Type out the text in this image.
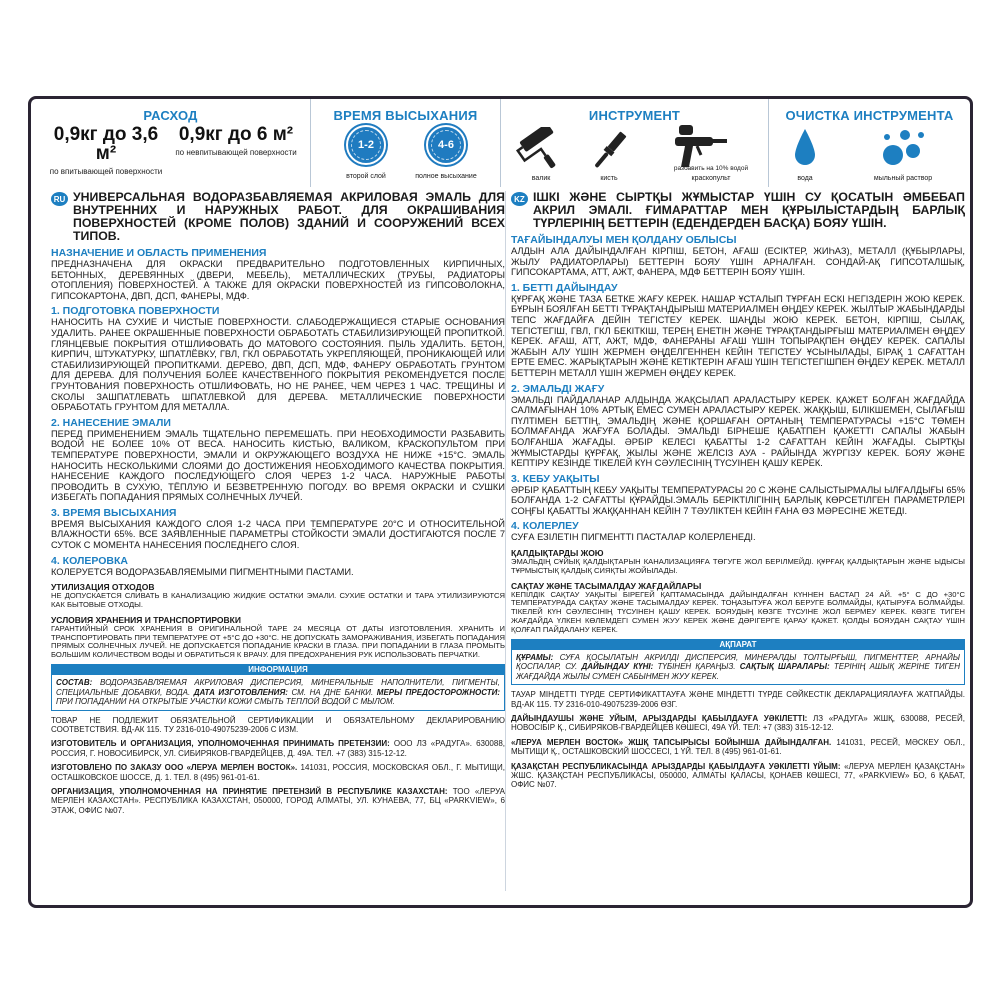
РАСХОД
0,9кг до 3,6 м²
по впитывающей поверхности
0,9кг до 6 м²
по невпитывающей поверхности
ВРЕМЯ ВЫСЫХАНИЯ
1-2	4-6
второй слой	полное высыхание
ИНСТРУМЕНТ
валик	кисть
разбавить на 10% водой
краскопульт
ОЧИСТКА ИНСТРУМЕНТА
вода	мыльный раствор
RU УНИВЕРСАЛЬНАЯ ВОДОРАЗБАВЛЯЕМАЯ АКРИЛОВАЯ ЭМАЛЬ ДЛЯ ВНУТРЕННИХ И НАРУЖНЫХ РАБОТ. ДЛЯ ОКРАШИВАНИЯ ПОВЕРХНОСТЕЙ (КРОМЕ ПОЛОВ) ЗДАНИЙ И СООРУЖЕНИЙ ВСЕХ ТИПОВ.
НАЗНАЧЕНИЕ И ОБЛАСТЬ ПРИМЕНЕНИЯ
ПРЕДНАЗНАЧЕНА ДЛЯ ОКРАСКИ ПРЕДВАРИТЕЛЬНО ПОДГОТОВЛЕННЫХ КИРПИЧНЫХ, БЕТОННЫХ, ДЕРЕВЯННЫХ (ДВЕРИ, МЕБЕЛЬ), МЕТАЛЛИЧЕСКИХ (ТРУБЫ, РАДИАТОРЫ ОТОПЛЕНИЯ) ПОВЕРХНОСТЕЙ. А ТАКЖЕ ДЛЯ ОКРАСКИ ПОВЕРХНОСТЕЙ ИЗ ГИПСОВОЛОКНА, ГИПСОКАРТОНА, ДВП, ДСП, ФАНЕРЫ, МДФ.
1. ПОДГОТОВКА ПОВЕРХНОСТИ
НАНОСИТЬ НА СУХИЕ И ЧИСТЫЕ ПОВЕРХНОСТИ. СЛАБОДЕРЖАЩИЕСЯ СТАРЫЕ ОСНОВАНИЯ УДАЛИТЬ. РАНЕЕ ОКРАШЕННЫЕ ПОВЕРХНОСТИ ОБРАБОТАТЬ СТАБИЛИЗИРУЮЩЕЙ ПРОПИТКОЙ. ГЛЯНЦЕВЫЕ ПОКРЫТИЯ ОТШЛИФОВАТЬ ДО МАТОВОГО СОСТОЯНИЯ. ПЫЛЬ УДАЛИТЬ. БЕТОН, КИРПИЧ, ШТУКАТУРКУ, ШПАТЛЁВКУ, ГВЛ, ГКЛ ОБРАБОТАТЬ УКРЕПЛЯЮЩЕЙ, ПРОНИКАЮЩЕЙ ИЛИ СТАБИЛИЗИРУЮЩЕЙ ПРОПИТКАМИ. ДЕРЕВО, ДВП, ДСП, МДФ, ФАНЕРУ ОБРАБОТАТЬ ГРУНТОМ ДЛЯ ДЕРЕВА. ДЛЯ ПОЛУЧЕНИЯ БОЛЕЕ КАЧЕСТВЕННОГО ПОКРЫТИЯ РЕКОМЕНДУЕТСЯ ПОСЛЕ ГРУНТОВАНИЯ ПОВЕРХНОСТЬ ОТШЛИФОВАТЬ, НО НЕ РАНЕЕ, ЧЕМ ЧЕРЕЗ 1 ЧАС. ТРЕЩИНЫ И СКОЛЫ ЗАШПАТЛЕВАТЬ ШПАТЛЕВКОЙ ДЛЯ ДЕРЕВА. МЕТАЛЛИЧЕСКИЕ ПОВЕРХНОСТИ ОБРАБОТАТЬ ГРУНТОМ ДЛЯ МЕТАЛЛА.
2. НАНЕСЕНИЕ ЭМАЛИ
ПЕРЕД ПРИМЕНЕНИЕМ ЭМАЛЬ ТЩАТЕЛЬНО ПЕРЕМЕШАТЬ. ПРИ НЕОБХОДИМОСТИ РАЗБАВИТЬ ВОДОЙ НЕ БОЛЕЕ 10% ОТ ВЕСА. НАНОСИТЬ КИСТЬЮ, ВАЛИКОМ, КРАСКОПУЛЬТОМ ПРИ ТЕМПЕРАТУРЕ ПОВЕРХНОСТИ, ЭМАЛИ И ОКРУЖАЮЩЕГО ВОЗДУХА НЕ НИЖЕ +15°С. ЭМАЛЬ НАНОСИТЬ НЕСКОЛЬКИМИ СЛОЯМИ ДО ДОСТИЖЕНИЯ НЕОБХОДИМОГО КАЧЕСТВА ПОКРЫТИЯ. НАНЕСЕНИЕ КАЖДОГО ПОСЛЕДУЮЩЕГО СЛОЯ ЧЕРЕЗ 1-2 ЧАСА. НАРУЖНЫЕ РАБОТЫ ПРОВОДИТЬ В СУХУЮ, ТЁПЛУЮ И БЕЗВЕТРЕННУЮ ПОГОДУ. ВО ВРЕМЯ ОКРАСКИ И СУШКИ ИЗБЕГАТЬ ПОПАДАНИЯ ПРЯМЫХ СОЛНЕЧНЫХ ЛУЧЕЙ.
3. ВРЕМЯ ВЫСЫХАНИЯ
ВРЕМЯ ВЫСЫХАНИЯ КАЖДОГО СЛОЯ 1-2 ЧАСА ПРИ ТЕМПЕРАТУРЕ 20°С И ОТНОСИТЕЛЬНОЙ ВЛАЖНОСТИ 65%. ВСЕ ЗАЯВЛЕННЫЕ ПАРАМЕТРЫ СТОЙКОСТИ ЭМАЛИ ДОСТИГАЮТСЯ ПОСЛЕ 7 СУТОК С МОМЕНТА НАНЕСЕНИЯ ПОСЛЕДНЕГО СЛОЯ.
4. КОЛЕРОВКА
КОЛЕРУЕТСЯ ВОДОРАЗБАВЛЯЕМЫМИ ПИГМЕНТНЫМИ ПАСТАМИ.
УТИЛИЗАЦИЯ ОТХОДОВ
НЕ ДОПУСКАЕТСЯ СЛИВАТЬ В КАНАЛИЗАЦИЮ ЖИДКИЕ ОСТАТКИ ЭМАЛИ. СУХИЕ ОСТАТКИ И ТАРА УТИЛИЗИРУЮТСЯ КАК БЫТОВЫЕ ОТХОДЫ.
УСЛОВИЯ ХРАНЕНИЯ И ТРАНСПОРТИРОВКИ
ГАРАНТИЙНЫЙ СРОК ХРАНЕНИЯ В ОРИГИНАЛЬНОЙ ТАРЕ 24 МЕСЯЦА ОТ ДАТЫ ИЗГОТОВЛЕНИЯ. ХРАНИТЬ И ТРАНСПОРТИРОВАТЬ ПРИ ТЕМПЕРАТУРЕ ОТ +5°С ДО +30°С. НЕ ДОПУСКАТЬ ЗАМОРАЖИВАНИЯ, ИЗБЕГАТЬ ПОПАДАНИЯ ПРЯМЫХ СОЛНЕЧНЫХ ЛУЧЕЙ. НЕ ДОПУСКАЕТСЯ ПОПАДАНИЕ КРАСКИ В ГЛАЗА. ПРИ ПОПАДАНИИ В ГЛАЗА ПРОМЫТЬ БОЛЬШИМ КОЛИЧЕСТВОМ ВОДЫ И ОБРАТИТЬСЯ К ВРАЧУ. ДЛЯ ПРЕДОХРАНЕНИЯ РУК ИСПОЛЬЗОВАТЬ ПЕРЧАТКИ.
ИНФОРМАЦИЯ
СОСТАВ: ВОДОРАЗБАВЛЯЕМАЯ АКРИЛОВАЯ ДИСПЕРСИЯ, МИНЕРАЛЬНЫЕ НАПОЛНИТЕЛИ, ПИГМЕНТЫ, СПЕЦИАЛЬНЫЕ ДОБАВКИ, ВОДА. ДАТА ИЗГОТОВЛЕНИЯ: СМ. НА ДНЕ БАНКИ. МЕРЫ ПРЕДОСТОРОЖНОСТИ: ПРИ ПОПАДАНИИ НА ОТКРЫТЫЕ УЧАСТКИ КОЖИ СМЫТЬ ТЕПЛОЙ ВОДОЙ С МЫЛОМ.
ТОВАР НЕ ПОДЛЕЖИТ ОБЯЗАТЕЛЬНОЙ СЕРТИФИКАЦИИ И ОБЯЗАТЕЛЬНОМУ ДЕКЛАРИРОВАНИЮ СООТВЕТСТВИЯ. ВД-АК 115. ТУ 2316-010-49075239-2006 С ИЗМ.
ИЗГОТОВИТЕЛЬ И ОРГАНИЗАЦИЯ, УПОЛНОМОЧЕННАЯ ПРИНИМАТЬ ПРЕТЕНЗИИ: ООО ЛЗ «РАДУГА». 630088, РОССИЯ, Г. НОВОСИБИРСК, УЛ. СИБИРЯКОВ-ГВАРДЕЙЦЕВ, Д. 49А. ТЕЛ. +7 (383) 315-12-12.
ИЗГОТОВЛЕНО ПО ЗАКАЗУ ООО «ЛЕРУА МЕРЛЕН ВОСТОК». 141031, РОССИЯ, МОСКОВСКАЯ ОБЛ., Г. МЫТИЩИ, ОСТАШКОВСКОЕ ШОССЕ, Д. 1. ТЕЛ. 8 (495) 961-01-61.
ОРГАНИЗАЦИЯ, УПОЛНОМОЧЕННАЯ НА ПРИНЯТИЕ ПРЕТЕНЗИЙ В РЕСПУБЛИКЕ КАЗАХСТАН: ТОО «ЛЕРУА МЕРЛЕН КАЗАХСТАН». РЕСПУБЛИКА КАЗАХСТАН, 050000, ГОРОД АЛМАТЫ, УЛ. КУНАЕВА, 77, БЦ «PARKVIEW», 6 ЭТАЖ, ОФИС №07.
KZ ІШКІ ЖӘНЕ СЫРТҚЫ ЖҰМЫСТАР ҮШІН СУ ҚОСАТЫН ӘМБЕБАП АКРИЛ ЭМАЛІ. ҒИМАРАТТАР МЕН ҚҰРЫЛЫСТАРДЫҢ БАРЛЫҚ ТҮРЛЕРІНІҢ БЕТТЕРІН (ЕДЕНДЕРДЕН БАСҚА) БОЯУ ҮШІН.
ТАҒАЙЫНДАЛУЫ МЕН ҚОЛДАНУ ОБЛЫСЫ
АЛДЫН АЛА ДАЙЫНДАЛҒАН КІРПІШ, БЕТОН, АҒАШ (ЕСІКТЕР, ЖИҺАЗ), МЕТАЛЛ (ҚҰБЫРЛАРЫ, ЖЫЛУ РАДИАТОРЛАРЫ) БЕТТЕРІН БОЯУ ҮШІН АРНАЛҒАН. СОНДАЙ-АҚ ГИПСОТАЛШЫҚ, ГИПСОКАРТАМА, АТТ, АЖТ, ФАНЕРА, МДФ БЕТТЕРІН БОЯУ ҮШІН.
1. БЕТТІ ДАЙЫНДАУ
ҚҰРҒАҚ ЖӘНЕ ТАЗА БЕТКЕ ЖАҒУ КЕРЕК. НАШАР ҰСТАЛЫП ТҰРҒАН ЕСКІ НЕГІЗДЕРІН ЖОЮ КЕРЕК. БҰРЫН БОЯЛҒАН БЕТТІ ТҰРАҚТАНДЫРЫШ МАТЕРИАЛМЕН ӨҢДЕУ КЕРЕК. ЖЫЛТЫР ЖАБЫНДАРДЫ ТЕПС ЖАҒДАЙҒА ДЕЙІН ТЕГІСТЕУ КЕРЕК. ШАҢДЫ ЖОЮ КЕРЕК. БЕТОН, КІРПІШ, СЫЛАҚ, ТЕГІСТЕГІШ, ГВЛ, ГКЛ БЕКІТКІШ, ТЕРЕҢ ЕНЕТІН ЖӘНЕ ТҰРАҚТАНДЫРҒЫШ МАТЕРИАЛМЕН ӨҢДЕУ КЕРЕК. АҒАШ, АТТ, АЖТ, МДФ, ФАНЕРАНЫ АҒАШ ҮШІН ТОПЫРАҚПЕН ӨҢДЕУ КЕРЕК. САПАЛЫ ЖАБЫН АЛУ ҮШІН ЖЕРМЕН ӨҢДЕЛГЕННЕН КЕЙІН ТЕГІСТЕУ ҰСЫНЫЛАДЫ, БІРАҚ 1 САҒАТТАН ЕРТЕ ЕМЕС. ЖАРЫҚТАРЫН ЖӘНЕ КЕТІКТЕРІН АҒАШ ҮШІН ТЕГІСТЕГІШПЕН ӨҢДЕУ КЕРЕК. МЕТАЛЛ БЕТТЕРІН МЕТАЛЛ ҮШІН ЖЕРМЕН ӨҢДЕУ КЕРЕК.
2. ЭМАЛЬДІ ЖАҒУ
ЭМАЛЬДІ ПАЙДАЛАНАР АЛДЫНДА ЖАҚСЫЛАП АРАЛАСТЫРУ КЕРЕК. ҚАЖЕТ БОЛҒАН ЖАҒДАЙДА САЛМАҒЫНАН 10% АРТЫҚ ЕМЕС СУМЕН АРАЛАСТЫРУ КЕРЕК. ЖАҚҚЫШ, БІЛІКШЕМЕН, СЫЛАҒЫШ ПҮЛТІМЕН БЕТТІҢ, ЭМАЛЬДІҢ ЖӘНЕ ҚОРШАҒАН ОРТАНЫҢ ТЕМПЕРАТУРАСЫ +15°С ТӨМЕН БОЛМАҒАНДА ЖАҒУҒА БОЛАДЫ. ЭМАЛЬДІ БІРНЕШЕ ҚАБАТПЕН ҚАЖЕТТІ САПАЛЫ ЖАБЫН БОЛҒАНША ЖАҒАДЫ. ӘРБІР КЕЛЕСІ ҚАБАТТЫ 1-2 САҒАТТАН КЕЙІН ЖАҒАДЫ. СЫРТҚЫ ЖҰМЫСТАРДЫ ҚҰРҒАҚ, ЖЫЛЫ ЖӘНЕ ЖЕЛСІЗ АУА - РАЙЫНДА ЖҮРГІЗУ КЕРЕК. БОЯУ ЖӘНЕ КЕПТІРУ КЕЗІНДЕ ТІКЕЛЕЙ КҮН СӘУЛЕСІНІҢ ТҮСУІНЕН ҚАШУ КЕРЕК.
3. КЕБУ УАҚЫТЫ
ӘРБІР ҚАБАТТЫҢ КЕБУ УАҚЫТЫ ТЕМПЕРАТУРАСЫ 20 С ЖӘНЕ САЛЫСТЫРМАЛЫ ЫЛҒАЛДЫҒЫ 65% БОЛҒАНДА 1-2 САҒАТТЫ ҚҰРАЙДЫ.ЭМАЛЬ БЕРІКТІЛІГІНІҢ БАРЛЫҚ КӨРСЕТІЛГЕН ПАРАМЕТРЛЕРІ СОҢҒЫ ҚАБАТТЫ ЖАҚҚАННАН КЕЙІН 7 ТӘУЛІКТЕН КЕЙІН ҒАНА ӨЗ МӘРЕСІНЕ ЖЕТЕДІ.
4. КОЛЕРЛЕУ
СУҒА ЕЗІЛЕТІН ПИГМЕНТТІ ПАСТАЛАР КОЛЕРЛЕНЕДІ.
ҚАЛДЫҚТАРДЫ ЖОЮ
ЭМАЛЬДІҢ СҰЙЫҚ ҚАЛДЫҚТАРЫН КАНАЛИЗАЦИЯҒА ТӨГУГЕ ЖОЛ БЕРІЛМЕЙДІ. ҚҰРҒАҚ ҚАЛДЫҚТАРЫН ЖӘНЕ ЫДЫСЫ ТҰРМЫСТЫҚ ҚАЛДЫҚ СИЯҚТЫ ЖОЙЫЛАДЫ.
САҚТАУ ЖӘНЕ ТАСЫМАЛДАУ ЖАҒДАЙЛАРЫ
КЕПІЛДІК САҚТАУ УАҚЫТЫ БІРЕГЕЙ ҚАПТАМАСЫНДА ДАЙЫНДАЛҒАН КҮННЕН БАСТАП 24 АЙ. +5° С ДО +30°С ТЕМПЕРАТУРАДА САҚТАУ ЖӘНЕ ТАСЫМАЛДАУ КЕРЕК. ТОҢАЗЫТУҒА ЖОЛ БЕРУГЕ БОЛМАЙДЫ, ҚАТЫРУҒА БОЛМАЙДЫ. ТІКЕЛЕЙ КҮН СӘУЛЕСІНІҢ ТҮСУІНЕН ҚАШУ КЕРЕК. БОЯУДЫҢ КӨЗГЕ ТҮСУІНЕ ЖОЛ БЕРМЕУ КЕРЕК. КӨЗГЕ ТИГЕН ЖАҒДАЙДА ҮЛКЕН КӨЛЕМДЕГІ СУМЕН ЖУУ КЕРЕК ЖӘНЕ ДӘРІГЕРГЕ ҚАРАУ ҚАЖЕТ. ҚОЛДЫ БОЯУДАН САҚТАУ ҮШІН ҚОЛҒАП ПАЙДАЛАНУ КЕРЕК.
АҚПАРАТ
ҚҰРАМЫ: СУҒА ҚОСЫЛАТЫН АКРИЛДІ ДИСПЕРСИЯ, МИНЕРАЛДЫ ТОЛТЫРҒЫШ, ПИГМЕНТТЕР, АРНАЙЫ ҚОСПАЛАР, СУ. ДАЙЫНДАУ КҮНІ: ТҮБІНЕН ҚАРАҢЫЗ. САҚТЫҚ ШАРАЛАРЫ: ТЕРІНІҢ АШЫҚ ЖЕРІНЕ ТИГЕН ЖАҒДАЙДА ЖЫЛЫ СУМЕН САБЫНМЕН ЖУУ КЕРЕК.
ТАУАР МІНДЕТТІ ТҮРДЕ СЕРТИФИКАТТАУҒА ЖӘНЕ МІНДЕТТІ ТҮРДЕ СӘЙКЕСТІК ДЕКЛАРАЦИЯЛАУҒА ЖАТПАЙДЫ. ВД-АК 115. ТУ 2316-010-49075239-2006 ӨЗГ.
ДАЙЫНДАУШЫ ЖӘНЕ УЙЫМ, АРЫЗДАРДЫ ҚАБЫЛДАУҒА УӘКІЛЕТТІ: ЛЗ «РАДУГА» ЖШҚ, 630088, РЕСЕЙ, НОВОСІБІР Қ., СИБИРЯКОВ-ГВАРДЕЙЦЕВ КӨШЕСІ, 49А ҮЙ. ТЕЛ: +7 (383) 315-12-12.
«ЛЕРУА МЕРЛЕН ВОСТОК» ЖШҚ ТАПСЫРЫСЫ БОЙЫНША ДАЙЫНДАЛҒАН. 141031, РЕСЕЙ, МӘСКЕУ ОБЛ., МЫТИЩИ Қ., ОСТАШКОВСКИЙ ШОССЕСІ, 1 ҮЙ. ТЕЛ. 8 (495) 961-01-61.
ҚАЗАҚСТАН РЕСПУБЛИКАСЫНДА АРЫЗДАРДЫ ҚАБЫЛДАУҒА УӘКІЛЕТТІ ҮЙЫМ: «ЛЕРУА МЕРЛЕН ҚАЗАҚСТАН» ЖШС. ҚАЗАҚСТАН РЕСПУБЛИКАСЫ, 050000, АЛМАТЫ ҚАЛАСЫ, ҚОНАЕВ КӨШЕСІ, 77, «PARKVIEW» БО, 6 ҚАБАТ, ОФИС №07.
